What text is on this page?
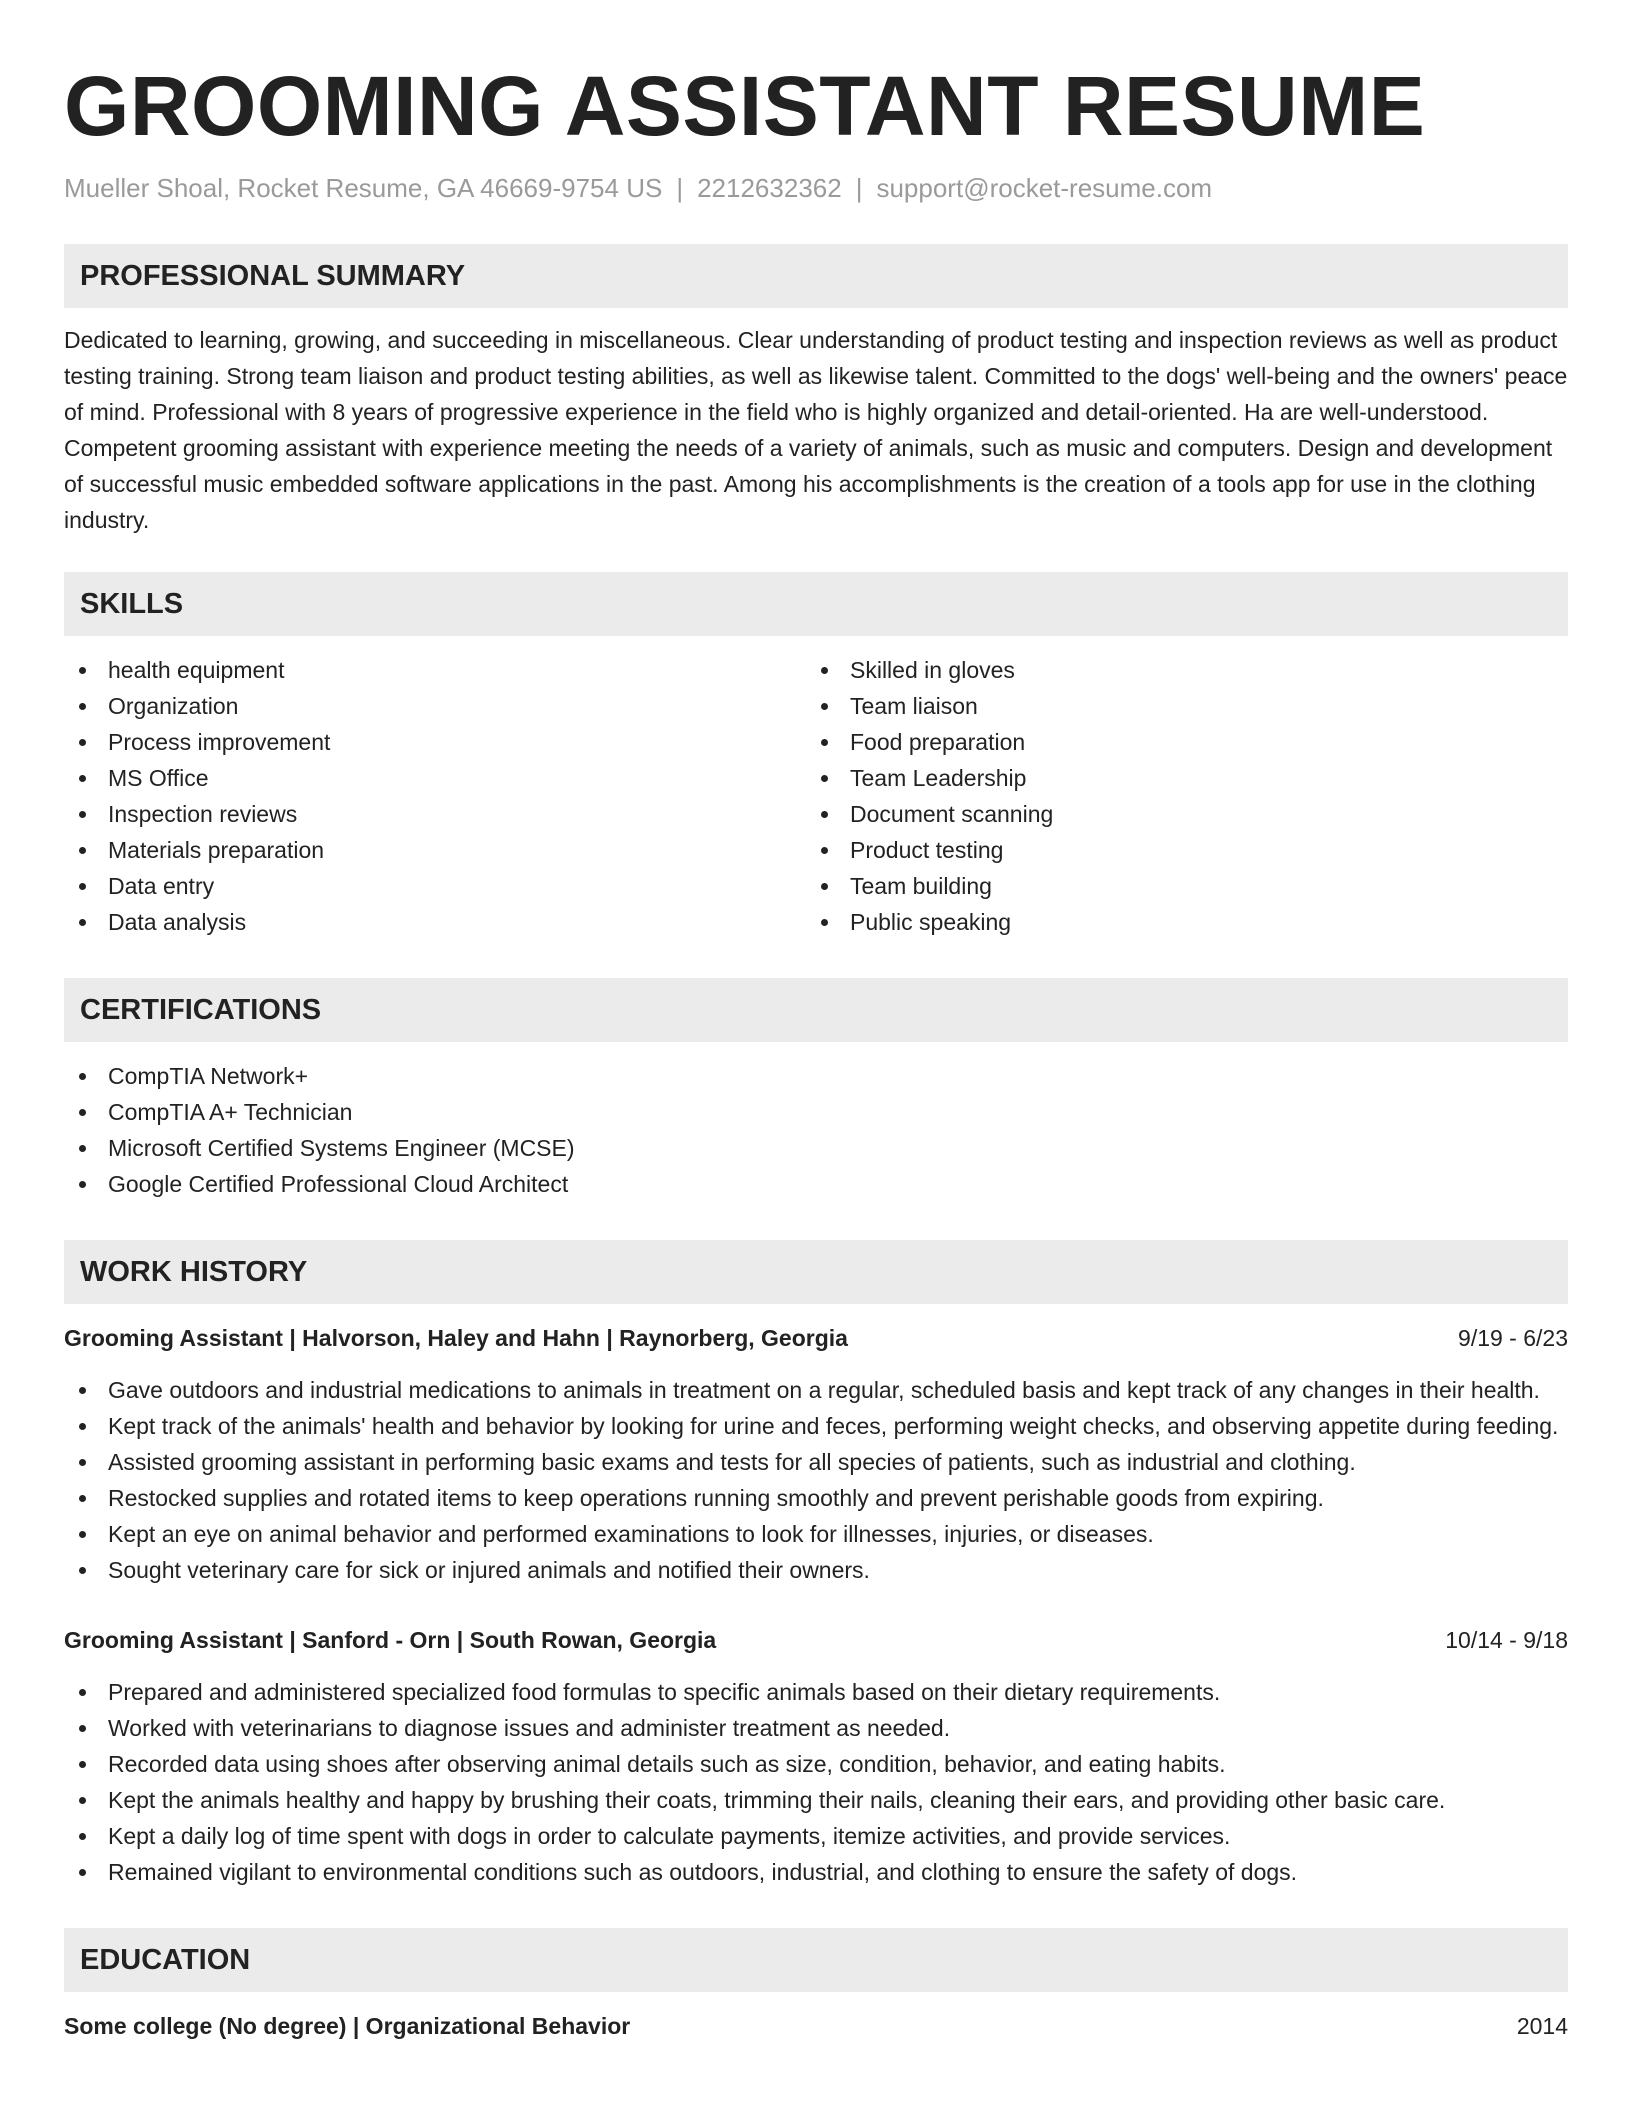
GROOMING ASSISTANT RESUME
Mueller Shoal, Rocket Resume, GA 46669-9754 US | 2212632362 | support@rocket-resume.com
PROFESSIONAL SUMMARY

Dedicated to learning, growing, and succeeding in miscellaneous. Clear understanding of product testing and inspection reviews as well as product testing training. Strong team liaison and product testing abilities, as well as likewise talent. Committed to the dogs' well-being and the owners' peace of mind. Professional with 8 years of progressive experience in the field who is highly organized and detail-oriented. Ha are well-understood. Competent grooming assistant with experience meeting the needs of a variety of animals, such as music and computers. Design and development of successful music embedded software applications in the past. Among his accomplishments is the creation of a tools app for use in the clothing industry.

SKILLS
health equipment
Organization
Process improvement
MS Office
Inspection reviews
Materials preparation
Data entry
Data analysis
Skilled in gloves
Team liaison
Food preparation
Team Leadership
Document scanning
Product testing
Team building
Public speaking
CERTIFICATIONS
CompTIA Network+
CompTIA A+ Technician
Microsoft Certified Systems Engineer (MCSE)
Google Certified Professional Cloud Architect
WORK HISTORY
Grooming Assistant | Halvorson, Haley and Hahn | Raynorberg, Georgia	9/19 - 6/23
Gave outdoors and industrial medications to animals in treatment on a regular, scheduled basis and kept track of any changes in their health.
Kept track of the animals' health and behavior by looking for urine and feces, performing weight checks, and observing appetite during feeding.
Assisted grooming assistant in performing basic exams and tests for all species of patients, such as industrial and clothing.
Restocked supplies and rotated items to keep operations running smoothly and prevent perishable goods from expiring.
Kept an eye on animal behavior and performed examinations to look for illnesses, injuries, or diseases.
Sought veterinary care for sick or injured animals and notified their owners.
Grooming Assistant | Sanford - Orn | South Rowan, Georgia	10/14 - 9/18
Prepared and administered specialized food formulas to specific animals based on their dietary requirements.
Worked with veterinarians to diagnose issues and administer treatment as needed.
Recorded data using shoes after observing animal details such as size, condition, behavior, and eating habits.
Kept the animals healthy and happy by brushing their coats, trimming their nails, cleaning their ears, and providing other basic care.
Kept a daily log of time spent with dogs in order to calculate payments, itemize activities, and provide services.
Remained vigilant to environmental conditions such as outdoors, industrial, and clothing to ensure the safety of dogs.
EDUCATION
Some college (No degree) | Organizational Behavior	2014
